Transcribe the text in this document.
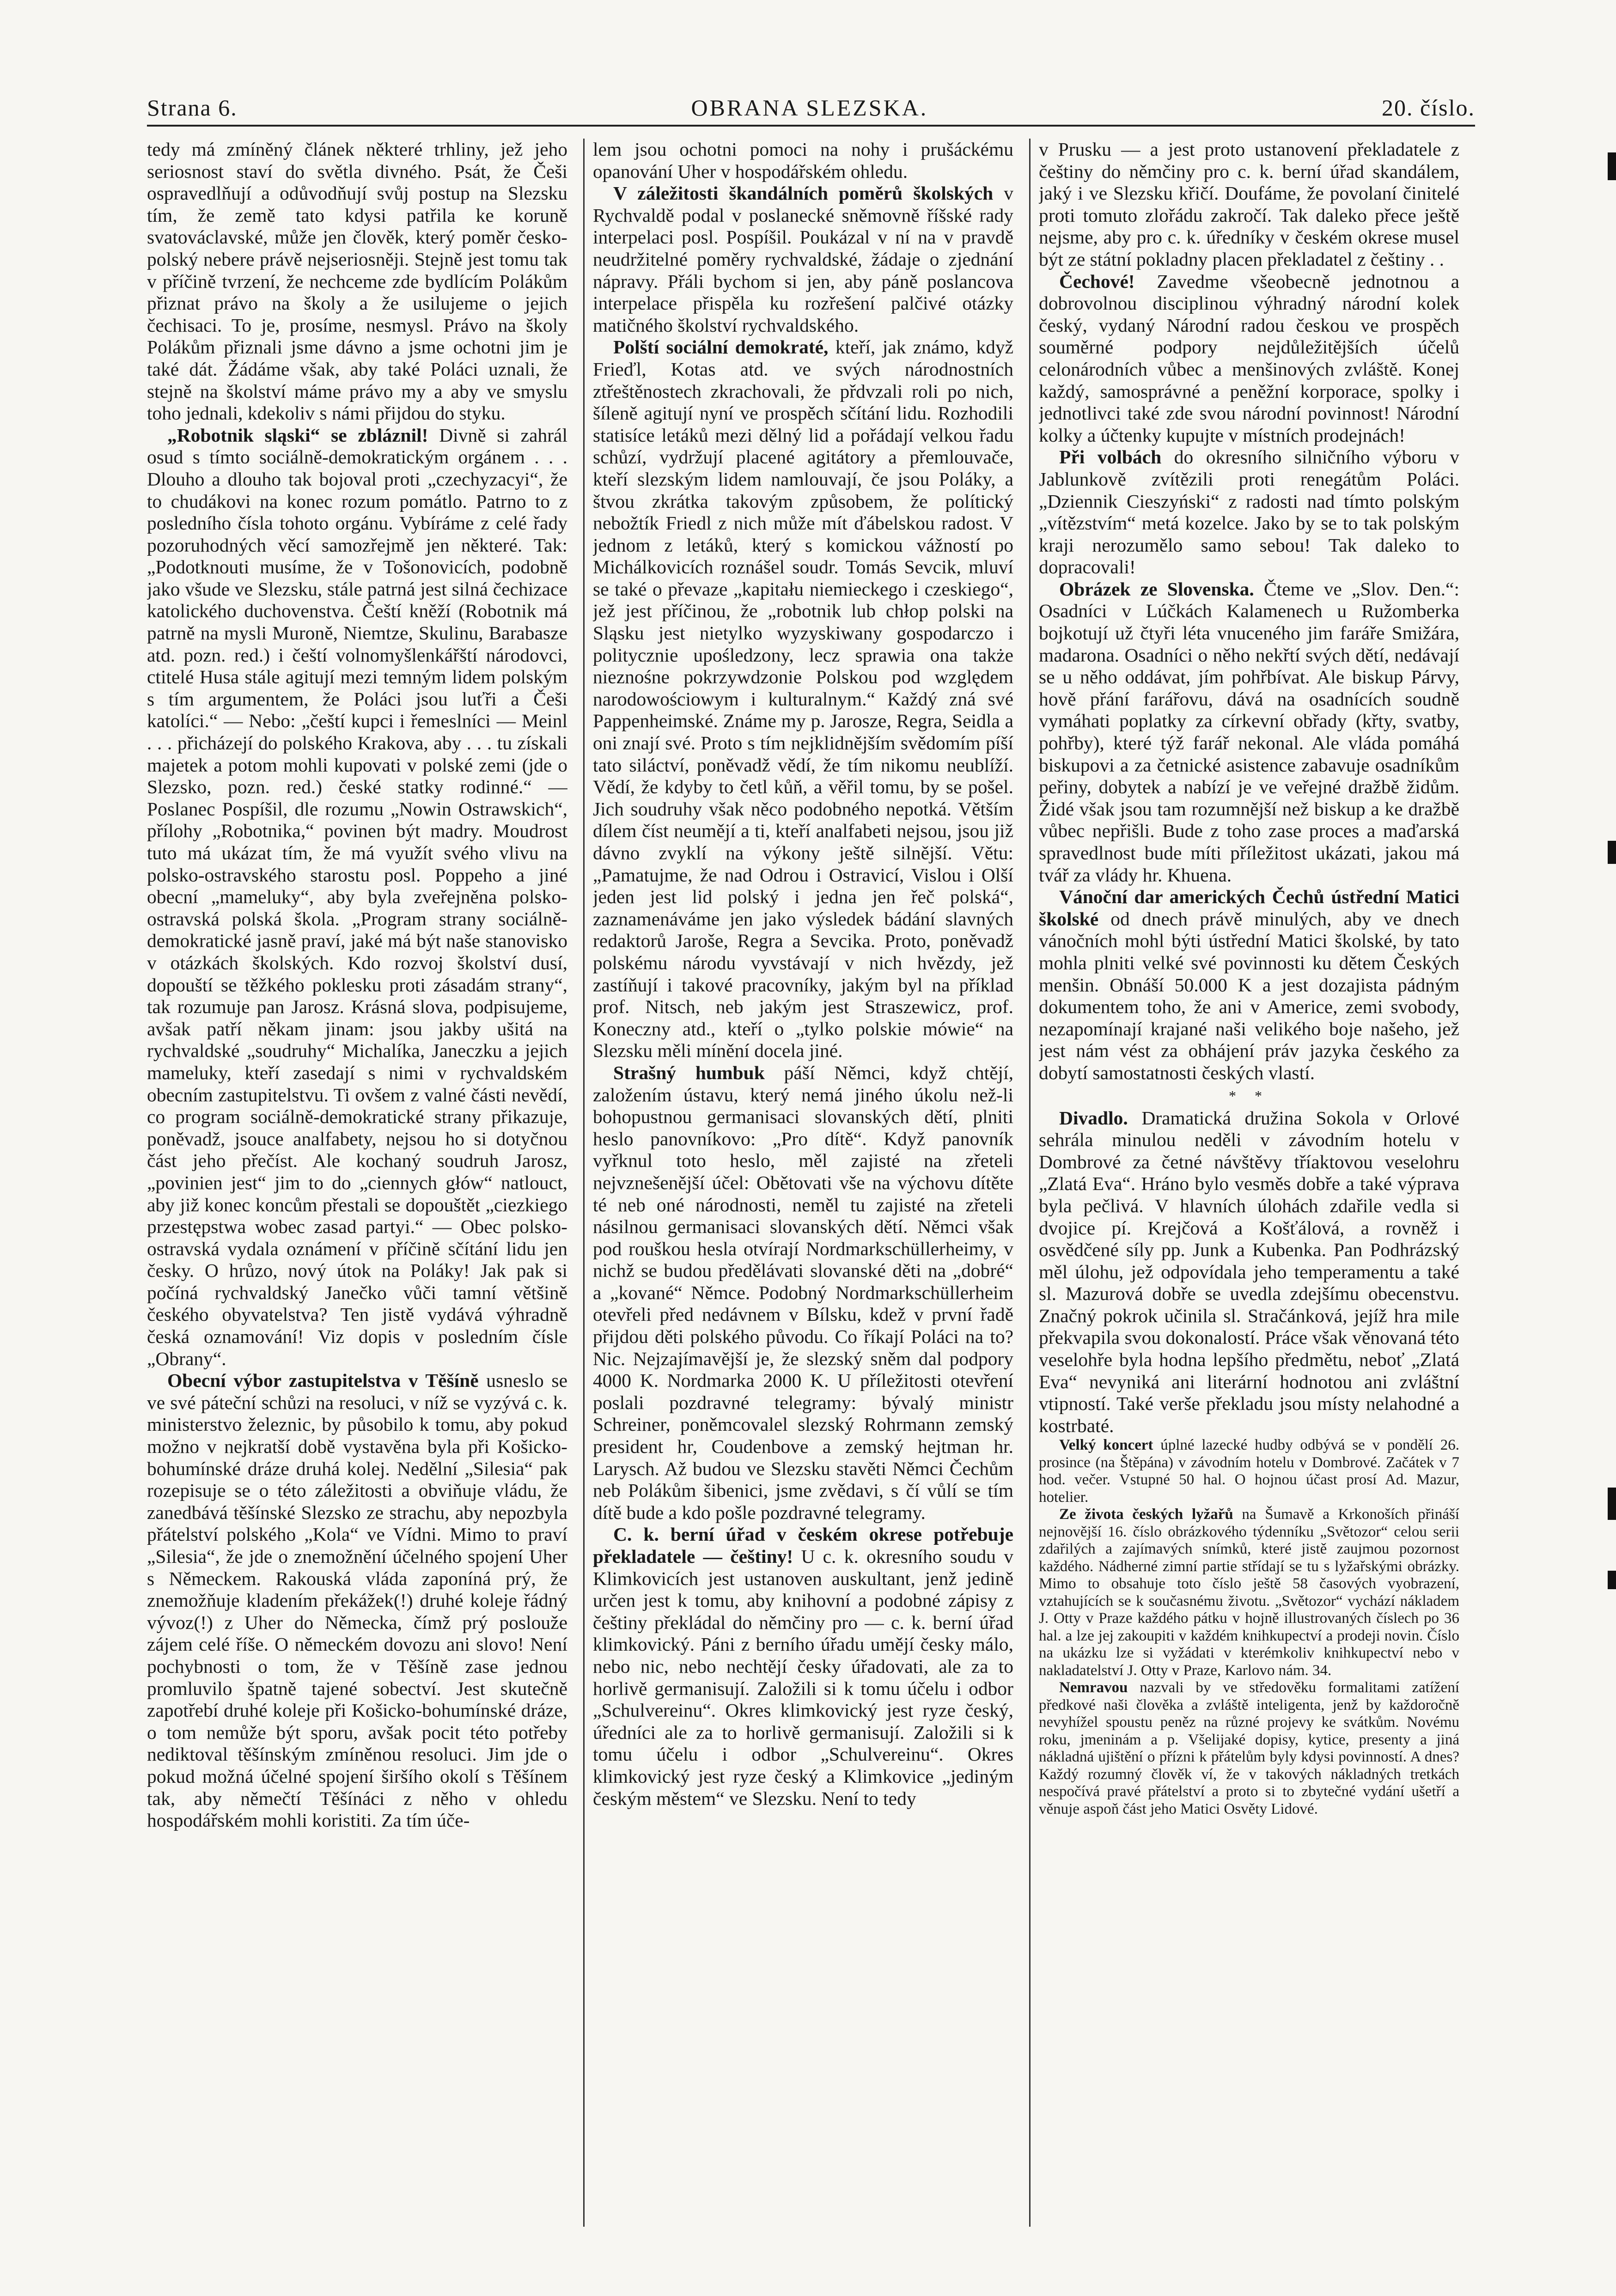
Strana 6.	OBRANA SLEZSKA.	20. číslo.

tedy má zmíněný článek některé trhliny, jež jeho seriosnost staví do světla divného. Psát, že Češi ospravedlňují a odůvodňují svůj postup na Slezsku tím, že země tato kdysi patřila ke koruně svatováclavské, může jen člověk, který poměr česko-polský nebere právě nejseriosněji. Stejně jest tomu tak v příčině tvrzení, že nechceme zde bydlícím Polákům přiznat právo na školy a že usilujeme o jejich čechisaci. To je, prosíme, nesmysl. Právo na školy Polákům přiznali jsme dávno a jsme ochotni jim je také dát. Žádáme však, aby také Poláci uznali, že stejně na školství máme právo my a aby ve smyslu toho jednali, kdekoliv s námi přijdou do styku.

„Robotnik sląski“ se zbláznil! Divně si zahrál osud s tímto sociálně-demokratickým orgánem . . . Dlouho a dlouho tak bojoval proti „czechyzacyi“, že to chudákovi na konec rozum pomátlo. Patrno to z posledního čísla tohoto orgánu. Vybíráme z celé řady pozoruhodných věcí samozřejmě jen některé. Tak: „Podotknouti musíme, že v Tošonovicích, podobně jako všude ve Slezsku, stále patrná jest silná čechizace katolického duchovenstva. Čeští kněží (Robotnik má patrně na mysli Muroně, Niemtze, Skulinu, Barabasze atd. pozn. red.) i čeští volnomyšlenkářští národovci, ctitelé Husa stále agitují mezi temným lidem polským s tím argumentem, že Poláci jsou luťři a Češi katolíci.“ — Nebo: „čeští kupci i řemeslníci — Meinl . . . přicházejí do polského Krakova, aby . . . tu získali majetek a potom mohli kupovati v polské zemi (jde o Slezsko, pozn. red.) české statky rodinné.“ — Poslanec Pospíšil, dle rozumu „Nowin Ostrawskich“, přílohy „Robotnika,“ povinen být madry. Moudrost tuto má ukázat tím, že má využít svého vlivu na polsko-ostravského starostu posl. Poppeho a jiné obecní „mameluky“, aby byla zveřejněna polsko-ostravská polská škola. „Program strany sociálně-demokratické jasně praví, jaké má být naše stanovisko v otázkách školských. Kdo rozvoj školství dusí, dopouští se těžkého poklesku proti zásadám strany“, tak rozumuje pan Jarosz. Krásná slova, podpisujeme, avšak patří někam jinam: jsou jakby ušitá na rychvaldské „soudruhy“ Michalíka, Janeczku a jejich mameluky, kteří zasedají s nimi v rychvaldském obecním zastupitelstvu. Ti ovšem z valné části nevědí, co program sociálně-demokratické strany přikazuje, poněvadž, jsouce analfabety, nejsou ho si dotyčnou část jeho přečíst. Ale kochaný soudruh Jarosz, „povinien jest“ jim to do „ciennych głów“ natlouct, aby již konec koncům přestali se dopouštět „ciezkiego przestępstwa wobec zasad partyi.“ — Obec polsko-ostravská vydala oznámení v příčině sčítání lidu jen česky. O hrůzo, nový útok na Poláky! Jak pak si počíná rychvaldský Janečko vůči tamní většině českého obyvatelstva? Ten jistě vydává výhradně česká oznamování! Viz dopis v posledním čísle „Obrany“.

Obecní výbor zastupitelstva v Těšíně usneslo se ve své páteční schůzi na resoluci, v níž se vyzývá c. k. ministerstvo železnic, by působilo k tomu, aby pokud možno v nejkratší době vystavěna byla při Košicko-bohumínské dráze druhá kolej. Nedělní „Silesia“ pak rozepisuje se o této záležitosti a obviňuje vládu, že zanedbává těšínské Slezsko ze strachu, aby nepozbyla přátelství polského „Kola“ ve Vídni. Mimo to praví „Silesia“, že jde o znemožnění účelného spojení Uher s Německem. Rakouská vláda zaponíná prý, že znemožňuje kladením překážek(!) druhé koleje řádný vývoz(!) z Uher do Německa, čímž prý poslouže zájem celé říše. O německém dovozu ani slovo! Není pochybnosti o tom, že v Těšíně zase jednou promluvilo špatně tajené sobectví. Jest skutečně zapotřebí druhé koleje při Košicko-bohumínské dráze, o tom nemůže být sporu, avšak pocit této potřeby nediktoval těšínským zmíněnou resoluci. Jim jde o pokud možná účelné spojení širšího okolí s Těšínem tak, aby němečtí Těšínáci z něho v ohledu hospodářském mohli koristiti. Za tím úče-

lem jsou ochotni pomoci na nohy i prušáckému opanování Uher v hospodářském ohledu.

V záležitosti škandálních poměrů školských v Rychvaldě podal v poslanecké sněmovně říšské rady interpelaci posl. Pospíšil. Poukázal v ní na v pravdě neudržitelné poměry rychvaldské, žádaje o zjednání nápravy. Přáli bychom si jen, aby páně poslancova interpelace přispěla ku rozřešení palčivé otázky matičného školství rychvaldského.

Polští sociální demokraté, kteří, jak známo, když Frieďl, Kotas atd. ve svých národnostních ztřeštěnostech zkrachovali, že přdvzali roli po nich, šíleně agitují nyní ve prospěch sčítání lidu. Rozhodili statisíce letáků mezi dělný lid a pořádají velkou řadu schůzí, vydržují placené agitátory a přemlouvače, kteří slezským lidem namlouvají, če jsou Poláky, a štvou zkrátka takovým způsobem, že polítický nebožtík Friedl z nich může mít ďábelskou radost. V jednom z letáků, který s komickou vážností po Michálkovicích roznášel soudr. Tomás Sevcik, mluví se také o převaze „kapitału niemieckego i czeskiego“, jež jest příčinou, že „robotnik lub chłop polski na Sląsku jest nietylko wyzyskiwany gospodarczo i politycznie upośledzony, lecz sprawia ona także nieznośne pokrzywdzonie Polskou pod względem narodowościowym i kulturalnym.“ Každý zná své Pappenheimské. Známe my p. Jarosze, Regra, Seidla a oni znají své. Proto s tím nejklidnějším svědomím píší tato siláctví, poněvadž vědí, že tím nikomu neublíží. Vědí, že kdyby to četl kůň, a věřil tomu, by se pošel. Jich soudruhy však něco podobného nepotká. Větším dílem číst neumějí a ti, kteří analfabeti nejsou, jsou již dávno zvyklí na výkony ještě silnější. Větu: „Pamatujme, že nad Odrou i Ostravicí, Vislou i Olší jeden jest lid polský i jedna jen řeč polská“, zaznamenáváme jen jako výsledek bádání slavných redaktorů Jaroše, Regra a Sevcika. Proto, poněvadž polskému národu vyvstávají v nich hvězdy, jež zastíňují i takové pracovníky, jakým byl na příklad prof. Nitsch, neb jakým jest Straszewicz, prof. Koneczny atd., kteří o „tylko polskie mówie“ na Slezsku měli mínění docela jiné.

Strašný humbuk páší Němci, když chtějí, založením ústavu, který nemá jiného úkolu než-li bohopustnou germanisaci slovanských dětí, plniti heslo panovníkovo: „Pro dítě“. Když panovník vyřknul toto heslo, měl zajisté na zřeteli nejvznešenější účel: Obětovati vše na výchovu dítěte té neb oné národnosti, neměl tu zajisté na zřeteli násilnou germanisaci slovanských dětí. Němci však pod rouškou hesla otvírají Nordmarkschüllerheimy, v nichž se budou předělávati slovanské děti na „dobré“ a „kované“ Němce. Podobný Nordmarkschüllerheim otevřeli před nedávnem v Bílsku, kdež v první řadě přijdou děti polského původu. Co říkají Poláci na to? Nic. Nejzajímavější je, že slezský sněm dal podpory 4000 K. Nordmarka 2000 K. U příležitosti otevření poslali pozdravné telegramy: bývalý ministr Schreiner, poněmcovalel slezský Rohrmann zemský president hr, Coudenbove a zemský hejtman hr. Larysch. Až budou ve Slezsku stavěti Němci Čechům neb Polákům šibenici, jsme zvědavi, s čí vůlí se tím dítě bude a kdo pošle pozdravné telegramy.

C. k. berní úřad v českém okrese potřebuje překladatele — češtiny! U c. k. okresního soudu v Klimkovicích jest ustanoven auskultant, jenž jedině určen jest k tomu, aby knihovní a podobné zápisy z češtiny překládal do němčiny pro — c. k. berní úřad klimkovický. Páni z berního úřadu umějí česky málo, nebo nic, nebo nechtějí česky úřadovati, ale za to horlivě germanisují. Založili si k tomu účelu i odbor „Schulvereinu“. Okres klimkovický jest ryze český, úředníci ale za to horlivě germanisují. Založili si k tomu účelu i odbor „Schulvereinu“. Okres klimkovický jest ryze český a Klimkovice „jediným českým městem“ ve Slezsku. Není to tedy

v Prusku — a jest proto ustanovení překladatele z češtiny do němčiny pro c. k. berní úřad skandálem, jaký i ve Slezsku křičí. Doufáme, že povolaní činitelé proti tomuto zlořádu zakročí. Tak daleko přece ještě nejsme, aby pro c. k. úředníky v českém okrese musel být ze státní pokladny placen překladatel z češtiny . .

Čechové! Zavedme všeobecně jednotnou a dobrovolnou disciplinou výhradný národní kolek český, vydaný Národní radou českou ve prospěch souměrné podpory nejdůležitějších účelů celonárodních vůbec a menšinových zvláště. Konej každý, samosprávné a peněžní korporace, spolky i jednotlivci také zde svou národní povinnost! Národní kolky a účtenky kupujte v místních prodejnách!

Při volbách do okresního silničního výboru v Jablunkově zvítězili proti renegátům Poláci. „Dziennik Cieszyński“ z radosti nad tímto polským „vítězstvím“ metá kozelce. Jako by se to tak polským kraji nerozumělo samo sebou! Tak daleko to dopracovali!

Obrázek ze Slovenska. Čteme ve „Slov. Den.“: Osadníci v Lúčkách Kalamenech u Ružomberka bojkotují už čtyři léta vnuceného jim faráře Smižára, madarona. Osadníci o něho nekřtí svých dětí, nedávají se u něho oddávat, jím pohřbívat. Ale biskup Párvy, hově přání farářovu, dává na osadnících soudně vymáhati poplatky za církevní obřady (křty, svatby, pohřby), které týž farář nekonal. Ale vláda pomáhá biskupovi a za četnické asistence zabavuje osadníkům peřiny, dobytek a nabízí je ve veřejné dražbě židům. Židé však jsou tam rozumnější než biskup a ke dražbě vůbec nepřišli. Bude z toho zase proces a maďarská spravedlnost bude míti příležitost ukázati, jakou má tvář za vlády hr. Khuena.

Vánoční dar amerických Čechů ústřední Matici školské od dnech právě minulých, aby ve dnech vánočních mohl býti ústřední Matici školské, by tato mohla plniti velké své povinnosti ku dětem Českých menšin. Obnáší 50.000 K a jest dozajista pádným dokumentem toho, že ani v Americe, zemi svobody, nezapomínají krajané naši velikého boje našeho, jež jest nám vést za obhájení práv jazyka českého za dobytí samostatnosti českých vlastí.

* *

Divadlo. Dramatická družina Sokola v Orlové sehrála minulou neděli v závodním hotelu v Dombrové za četné návštěvy tříaktovou veselohru „Zlatá Eva“. Hráno bylo vesměs dobře a také výprava byla pečlivá. V hlavních úlohách zdařile vedla si dvojice pí. Krejčová a Košťálová, a rovněž i osvědčené síly pp. Junk a Kubenka. Pan Podhrázský měl úlohu, jež odpovídala jeho temperamentu a také sl. Mazurová dobře se uvedla zdejšímu obecenstvu. Značný pokrok učinila sl. Stračánková, jejíž hra mile překvapila svou dokonalostí. Práce však věnovaná této veselohře byla hodna lepšího předmětu, neboť „Zlatá Eva“ nevyniká ani literární hodnotou ani zvláštní vtipností. Také verše překladu jsou místy nelahodné a kostrbaté.

Velký koncert úplné lazecké hudby odbývá se v pondělí 26. prosince (na Štěpána) v závodním hotelu v Dombrové. Začátek v 7 hod. večer. Vstupné 50 hal. O hojnou účast prosí Ad. Mazur, hotelier.

Ze života českých lyžařů na Šumavě a Krkonoších přináší nejnovější 16. číslo obrázkového týdenníku „Světozor“ celou serii zdařilých a zajímavých snímků, které jistě zaujmou pozornost každého. Nádherné zimní partie střídají se tu s lyžařskými obrázky. Mimo to obsahuje toto číslo ještě 58 časových vyobrazení, vztahujících se k současnému životu. „Světozor“ vychází nákladem J. Otty v Praze každého pátku v hojně illustrovaných číslech po 36 hal. a lze jej zakoupiti v každém knihkupectví a prodeji novin. Číslo na ukázku lze si vyžádati v kterémkoliv knihkupectví nebo v nakladatelství J. Otty v Praze, Karlovo nám. 34.

Nemravou nazvali by ve středověku formalitami zatížení předkové naši člověka a zvláště inteligenta, jenž by každoročně nevyhížel spoustu peněz na různé projevy ke svátkům. Novému roku, jmeninám a p. Všelijaké dopisy, kytice, presenty a jiná nákladná ujištění o přízni k přátelům byly kdysi povinností. A dnes? Každý rozumný člověk ví, že v takových nákladných tretkách nespočívá pravé přátelství a proto si to zbytečné vydání ušetří a věnuje aspoň část jeho Matici Osvěty Lidové.
